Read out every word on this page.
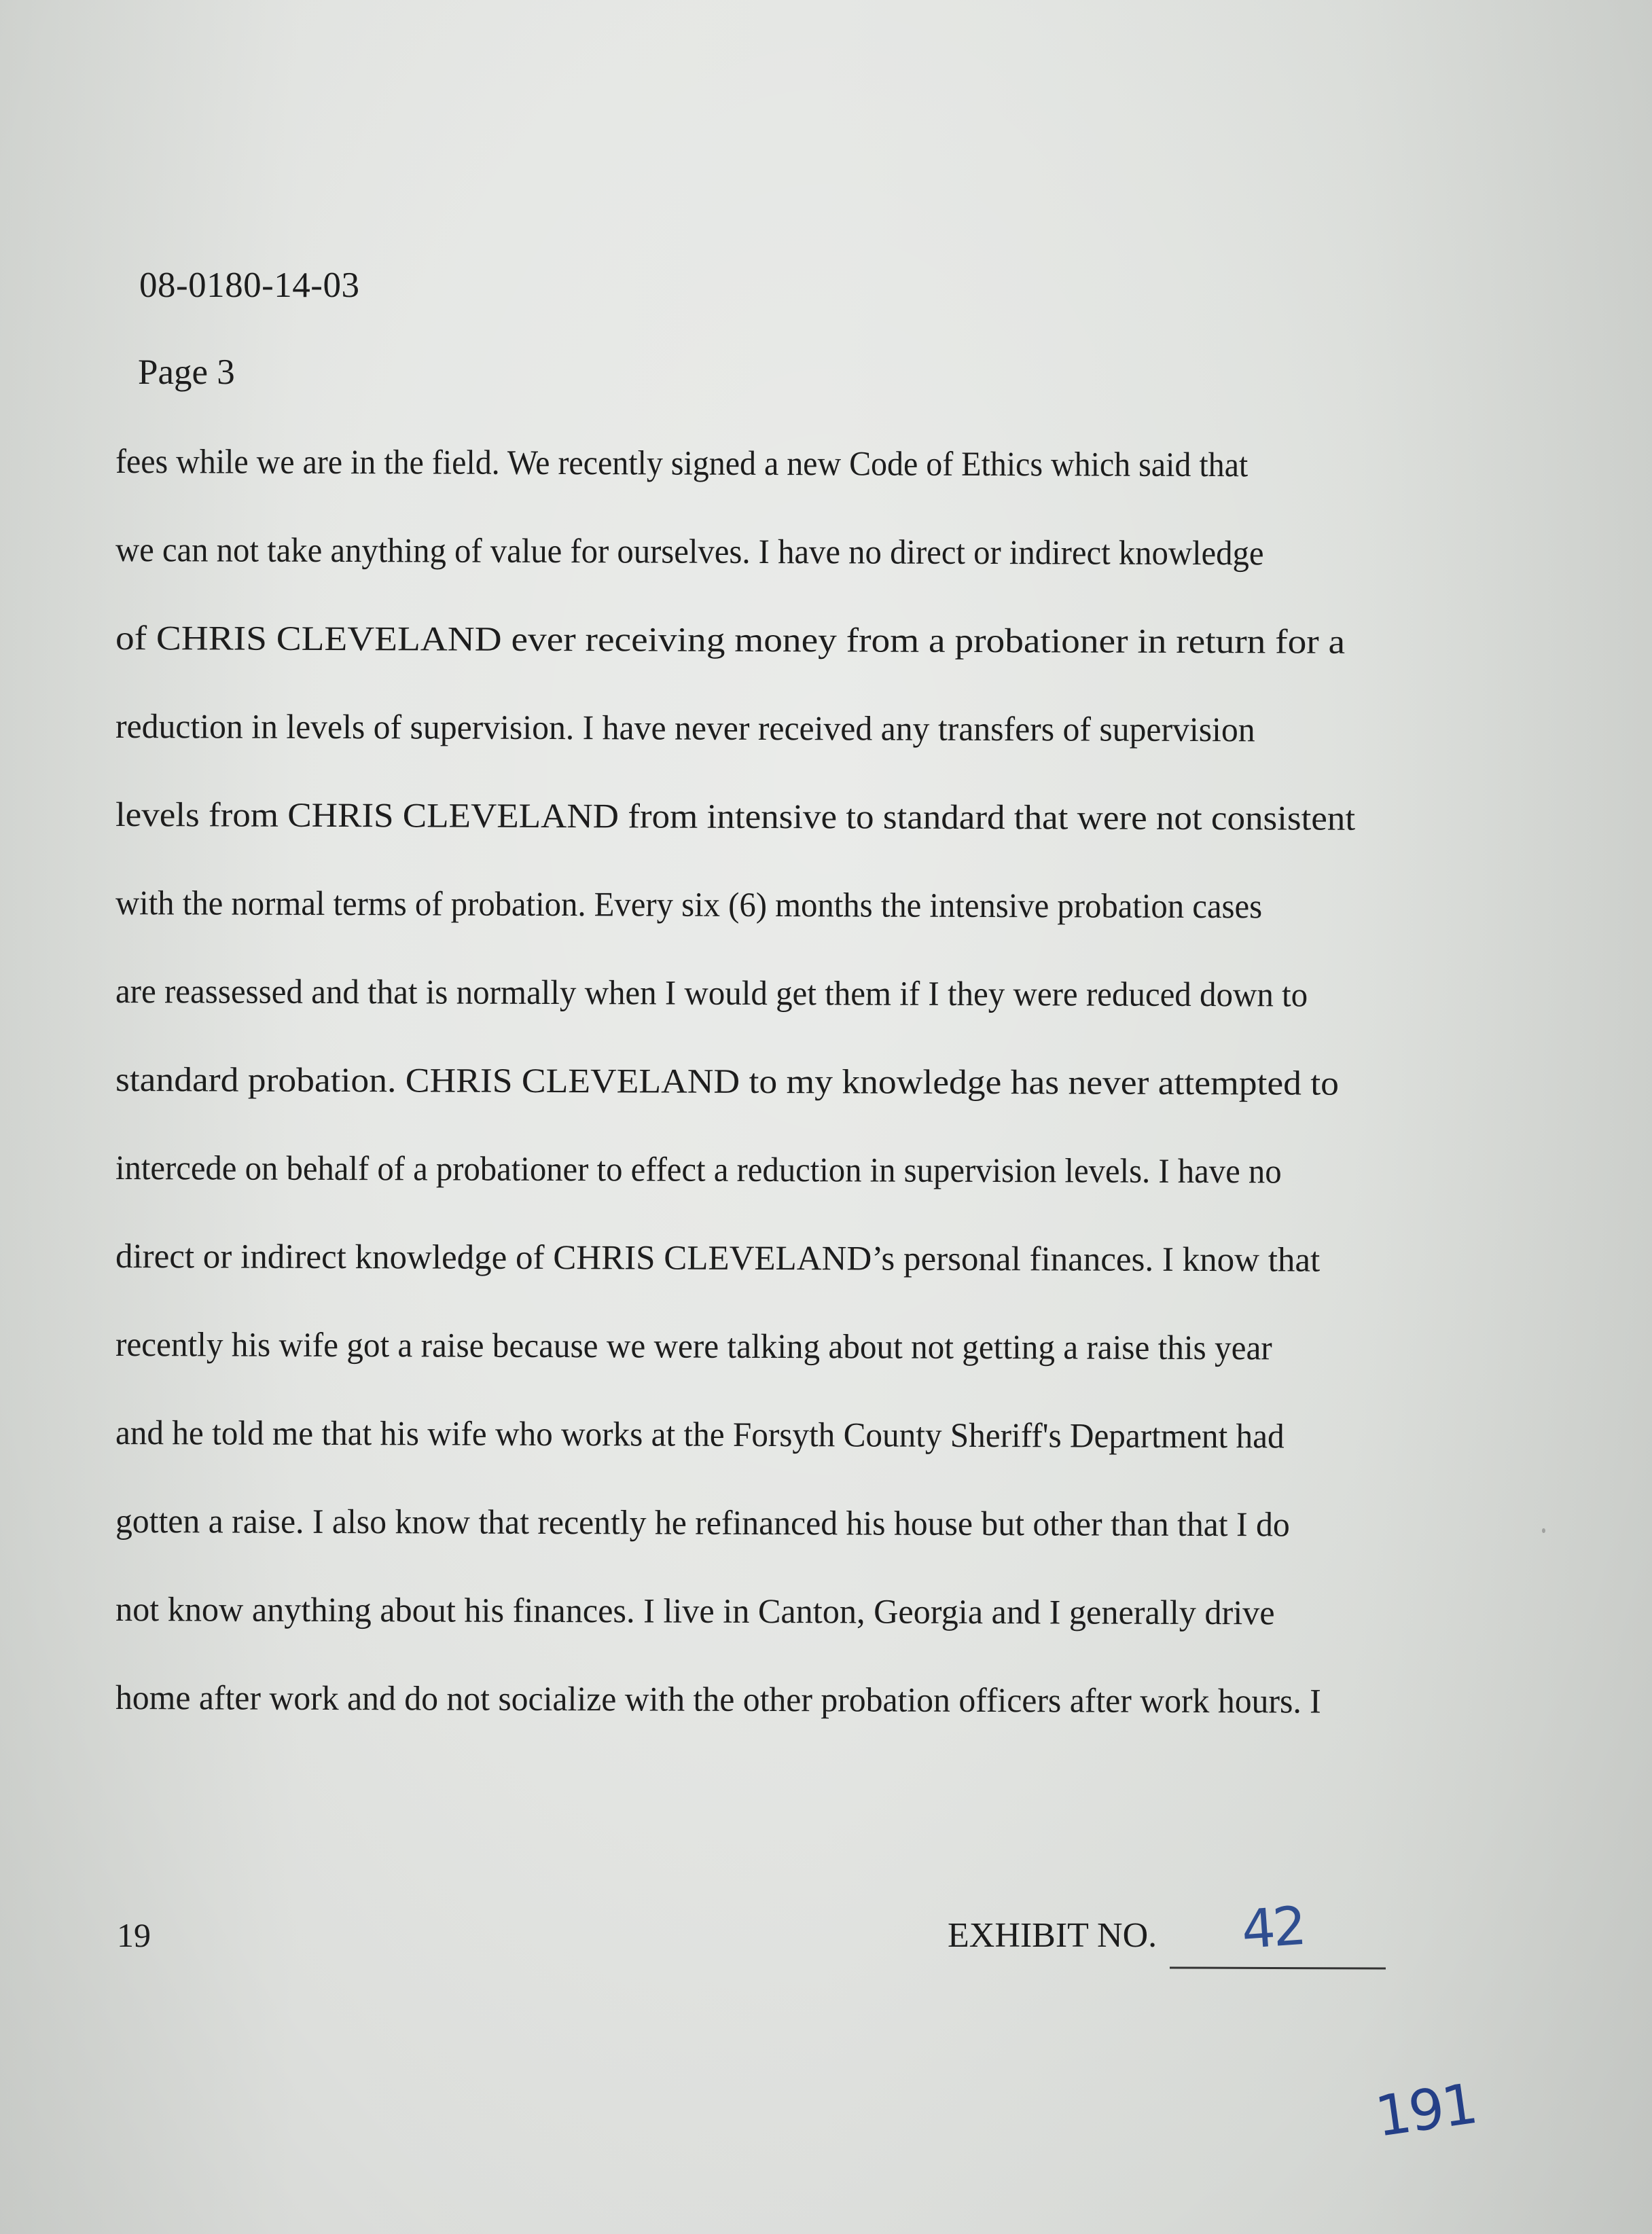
08-0180-14-03
Page 3
fees while we are in the field. We recently signed a new Code of Ethics which said that
we can not take anything of value for ourselves. I have no direct or indirect knowledge
of CHRIS CLEVELAND ever receiving money from a probationer in return for a
reduction in levels of supervision. I have never received any transfers of supervision
levels from CHRIS CLEVELAND from intensive to standard that were not consistent
with the normal terms of probation. Every six (6) months the intensive probation cases
are reassessed and that is normally when I would get them if I they were reduced down to
standard probation. CHRIS CLEVELAND to my knowledge has never attempted to
intercede on behalf of a probationer to effect a reduction in supervision levels. I have no
direct or indirect knowledge of CHRIS CLEVELAND’s personal finances. I know that
recently his wife got a raise because we were talking about not getting a raise this year
and he told me that his wife who works at the Forsyth County Sheriff's Department had
gotten a raise. I also know that recently he refinanced his house but other than that I do
not know anything about his finances. I live in Canton, Georgia and I generally drive
home after work and do not socialize with the other probation officers after work hours. I
19	EXHIBIT NO. 42
191
